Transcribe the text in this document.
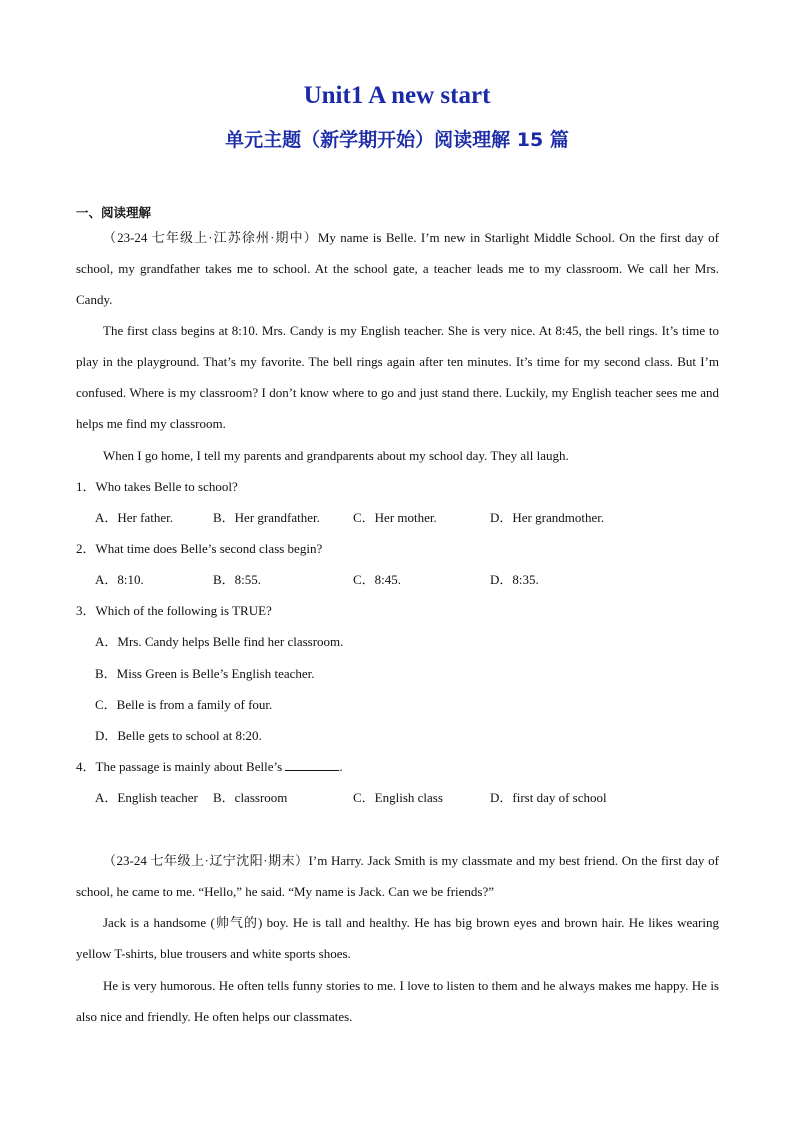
Unit1 A new start
单元主题（新学期开始）阅读理解 15 篇
一、阅读理解

（23-24 七年级上·江苏徐州·期中）My name is Belle. I’m new in Starlight Middle School. On the first day of school, my grandfather takes me to school. At the school gate, a teacher leads me to my classroom. We call her Mrs. Candy.

The first class begins at 8:10. Mrs. Candy is my English teacher. She is very nice. At 8:45, the bell rings. It’s time to play in the playground. That’s my favorite. The bell rings again after ten minutes. It’s time for my second class. But I’m confused. Where is my classroom? I don’t know where to go and just stand there. Luckily, my English teacher sees me and helps me find my classroom.

When I go home, I tell my parents and grandparents about my school day. They all laugh.

1．Who takes Belle to school?
A．Her father.	B．Her grandfather.	C．Her mother.	D．Her grandmother.
2．What time does Belle’s second class begin?
A．8:10.	B．8:55.	C．8:45.	D．8:35.
3．Which of the following is TRUE?
A．Mrs. Candy helps Belle find her classroom.
B．Miss Green is Belle’s English teacher.
C．Belle is from a family of four.
D．Belle gets to school at 8:20.
4．The passage is mainly about Belle’s	.
A．English teacher B．classroom	C．English class	D．first day of school

（23-24 七年级上·辽宁沈阳·期末）I’m Harry. Jack Smith is my classmate and my best friend. On the first day of school, he came to me. “Hello,” he said. “My name is Jack. Can we be friends?”

Jack is a handsome (帅气的) boy. He is tall and healthy. He has big brown eyes and brown hair. He likes wearing yellow T-shirts, blue trousers and white sports shoes.

He is very humorous. He often tells funny stories to me. I love to listen to them and he always makes me happy. He is also nice and friendly. He often helps our classmates.
